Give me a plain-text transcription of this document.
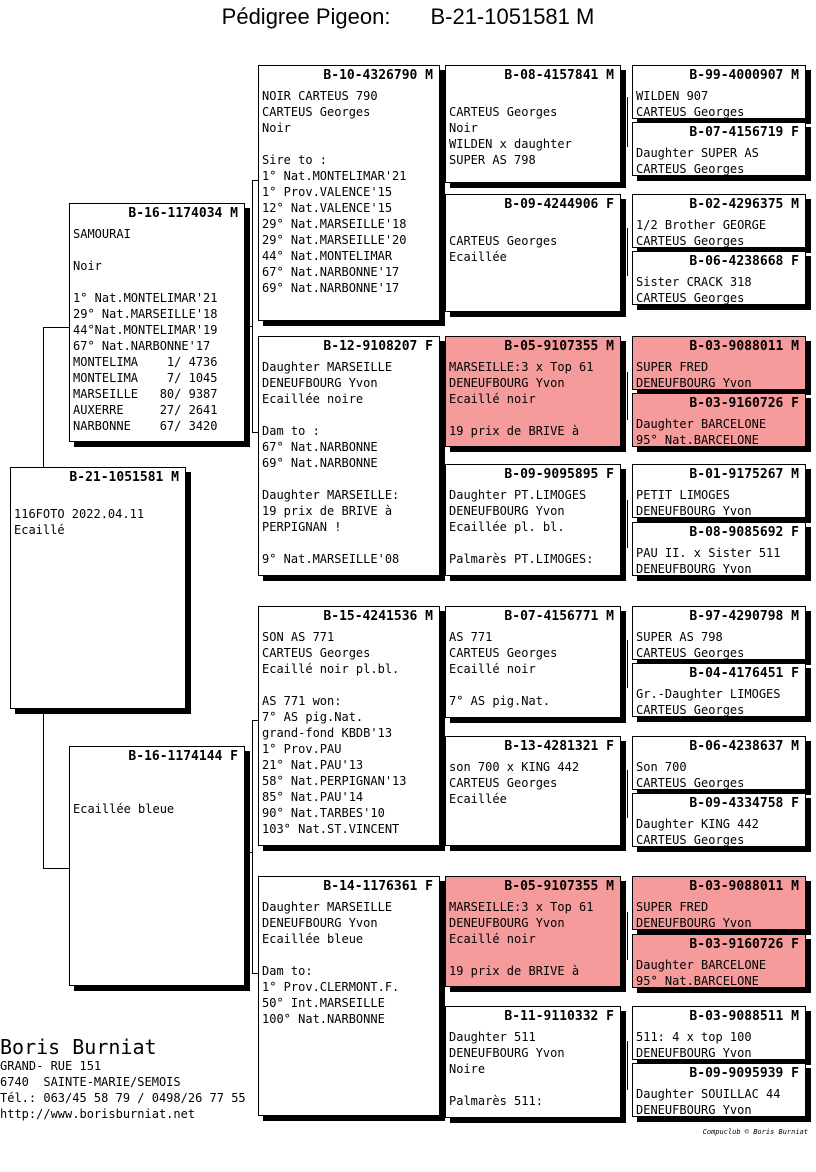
Pédigree Pigeon: B-21-1051581 M
B-21-1051581 M

116FOTO 2022.04.11
Ecaillé
B-16-1174034 M
SAMOURAI

Noir

1° Nat.MONTELIMAR'21
29° Nat.MARSEILLE'18
44°Nat.MONTELIMAR'19
67° Nat.NARBONNE'17
MONTELIMA    1/ 4736
MONTELIMA    7/ 1045
MARSEILLE   80/ 9387
AUXERRE     27/ 2641
NARBONNE    67/ 3420
B-16-1174144 F

Ecaillée bleue
B-10-4326790 M
NOIR CARTEUS 790
CARTEUS Georges
Noir

Sire to :
1° Nat.MONTELIMAR'21
1° Prov.VALENCE'15
12° Nat.VALENCE'15
29° Nat.MARSEILLE'18
29° Nat.MARSEILLE'20
44° Nat.MONTELIMAR
67° Nat.NARBONNE'17
69° Nat.NARBONNE'17
B-12-9108207 F
Daughter MARSEILLE
DENEUFBOURG Yvon
Ecaillée noire

Dam to :
67° Nat.NARBONNE
69° Nat.NARBONNE

Daughter MARSEILLE:
19 prix de BRIVE à
PERPIGNAN !

9° Nat.MARSEILLE'08
B-15-4241536 M
SON AS 771
CARTEUS Georges
Ecaillé noir pl.bl.

AS 771 won:
7° AS pig.Nat.
grand-fond KBDB'13
1° Prov.PAU
21° Nat.PAU'13
58° Nat.PERPIGNAN'13
85° Nat.PAU'14
90° Nat.TARBES'10
103° Nat.ST.VINCENT
B-14-1176361 F
Daughter MARSEILLE
DENEUFBOURG Yvon
Ecaillée bleue

Dam to:
1° Prov.CLERMONT.F.
50° Int.MARSEILLE
100° Nat.NARBONNE
B-08-4157841 M

CARTEUS Georges
Noir
WILDEN x daughter
SUPER AS 798
B-09-4244906 F

CARTEUS Georges
Ecaillée
B-05-9107355 M
MARSEILLE:3 x Top 61
DENEUFBOURG Yvon
Ecaillé noir

19 prix de BRIVE à
B-09-9095895 F
Daughter PT.LIMOGES
DENEUFBOURG Yvon
Ecaillée pl. bl.

Palmarès PT.LIMOGES:
B-07-4156771 M
AS 771
CARTEUS Georges
Ecaillé noir

7° AS pig.Nat.
B-13-4281321 F
son 700 x KING 442
CARTEUS Georges
Ecaillée
B-05-9107355 M
MARSEILLE:3 x Top 61
DENEUFBOURG Yvon
Ecaillé noir

19 prix de BRIVE à
B-11-9110332 F
Daughter 511
DENEUFBOURG Yvon
Noire

Palmarès 511:
B-99-4000907 M
WILDEN 907
CARTEUS Georges
B-07-4156719 F
Daughter SUPER AS
CARTEUS Georges
B-02-4296375 M
1/2 Brother GEORGE
CARTEUS Georges
B-06-4238668 F
Sister CRACK 318
CARTEUS Georges
B-03-9088011 M
SUPER FRED
DENEUFBOURG Yvon
B-03-9160726 F
Daughter BARCELONE
95° Nat.BARCELONE
B-01-9175267 M
PETIT LIMOGES
DENEUFBOURG Yvon
B-08-9085692 F
PAU II. x Sister 511
DENEUFBOURG Yvon
B-97-4290798 M
SUPER AS 798
CARTEUS Georges
B-04-4176451 F
Gr.-Daughter LIMOGES
CARTEUS Georges
B-06-4238637 M
Son 700
CARTEUS Georges
B-09-4334758 F
Daughter KING 442
CARTEUS Georges
B-03-9088011 M
SUPER FRED
DENEUFBOURG Yvon
B-03-9160726 F
Daughter BARCELONE
95° Nat.BARCELONE
B-03-9088511 M
511: 4 x top 100
DENEUFBOURG Yvon
B-09-9095939 F
Daughter SOUILLAC 44
DENEUFBOURG Yvon
Boris Burniat
GRAND- RUE 151
6740  SAINTE-MARIE/SEMOIS
Tél.: 063/45 58 79 / 0498/26 77 55
http://www.borisburniat.net
Compuclub © Boris Burniat
